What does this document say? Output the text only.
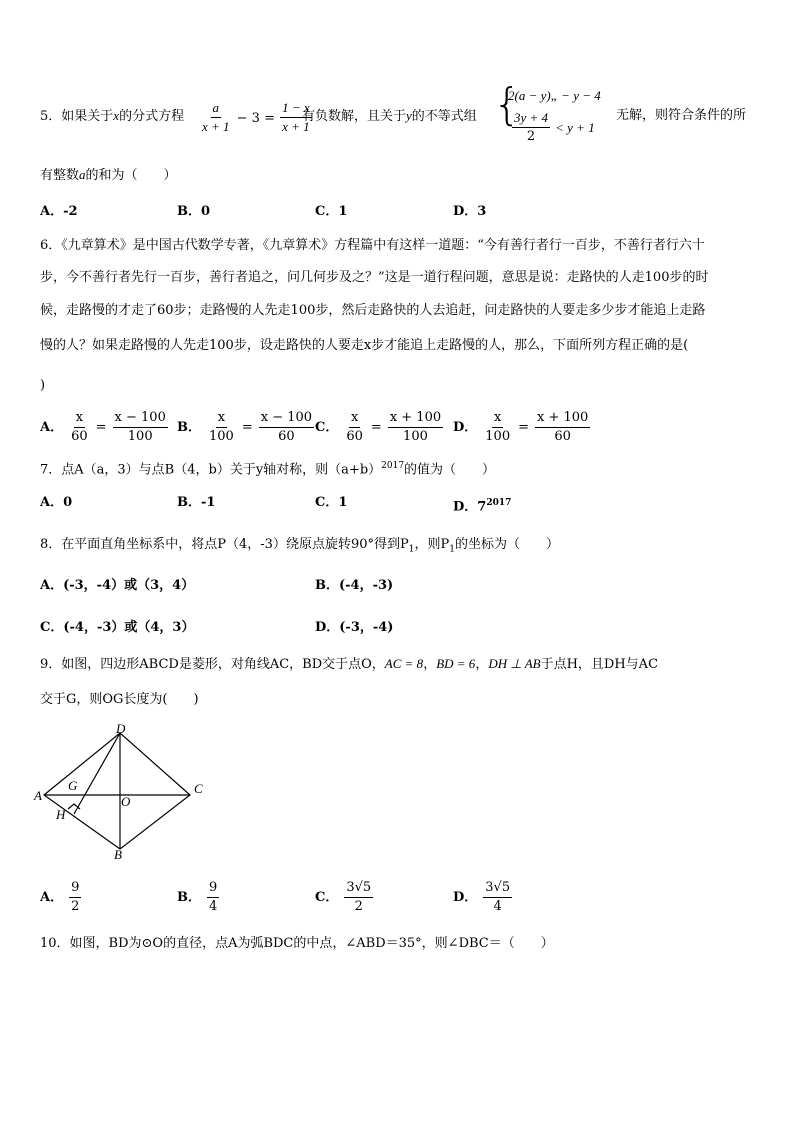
5．如果关于x的分式方程 $\frac{a}{x + 1} - 3 = \frac{1 - x}{x + 1}$
有负数解，且关于y的不等式组 {
2(a − y)„ − y − 4
$\frac{3y + 4}{2} < y + 1$
无解，则符合条件的所
有整数a的和为（　　）
A．-2	B．0	C．1	D．3
6．《九章算术》是中国古代数学专著，《九章算术》方程篇中有这样一道题：“今有善行者行一百步，不善行者行六十
步，今不善行者先行一百步，善行者追之，问几何步及之？”这是一道行程问题，意思是说：走路快的人走100步的时
候，走路慢的才走了60步；走路慢的人先走100步，然后走路快的人去追赶，问走路快的人要走多少步才能追上走路
慢的人？如果走路慢的人先走100步，设走路快的人要走x步才能追上走路慢的人，那么，下面所列方程正确的是(
)
A． $\frac{x}{60} = \frac{x - 100}{100}$ B． $\frac{x}{100} = \frac{x - 100}{60}$ C． $\frac{x}{60} = \frac{x + 100}{100}$ D． $\frac{x}{100} = \frac{x + 100}{60}$
7．点A（a，3）与点B（4，b）关于y轴对称，则$(a+b)^{2017}$的值为（　　）
A．0	B．-1	C．1	D．$7^{2017}$
8．在平面直角坐标系中，将点P（4，-3）绕原点旋转90°得到$P_1$，则$P_1$的坐标为（　　）
A．(-3，-4）或（3，4）	B．(-4，-3)
C．(-4，-3）或（4，3）	D．(-3，-4)
9．如图，四边形ABCD是菱形，对角线AC，BD交于点O，AC = 8，BD = 6，DH ⊥ AB于点H，且DH与AC
交于G，则OG长度为(　　)
A
B
C
D
G
H
O
A． $\frac{9}{2}$	B． $\frac{9}{4}$	C． $\frac{3√5}{2}$	D． $\frac{3√5}{4}$
10．如图，BD为⊙O的直径，点A为弧BDC的中点，∠ABD＝35°，则∠DBC＝（　　）
